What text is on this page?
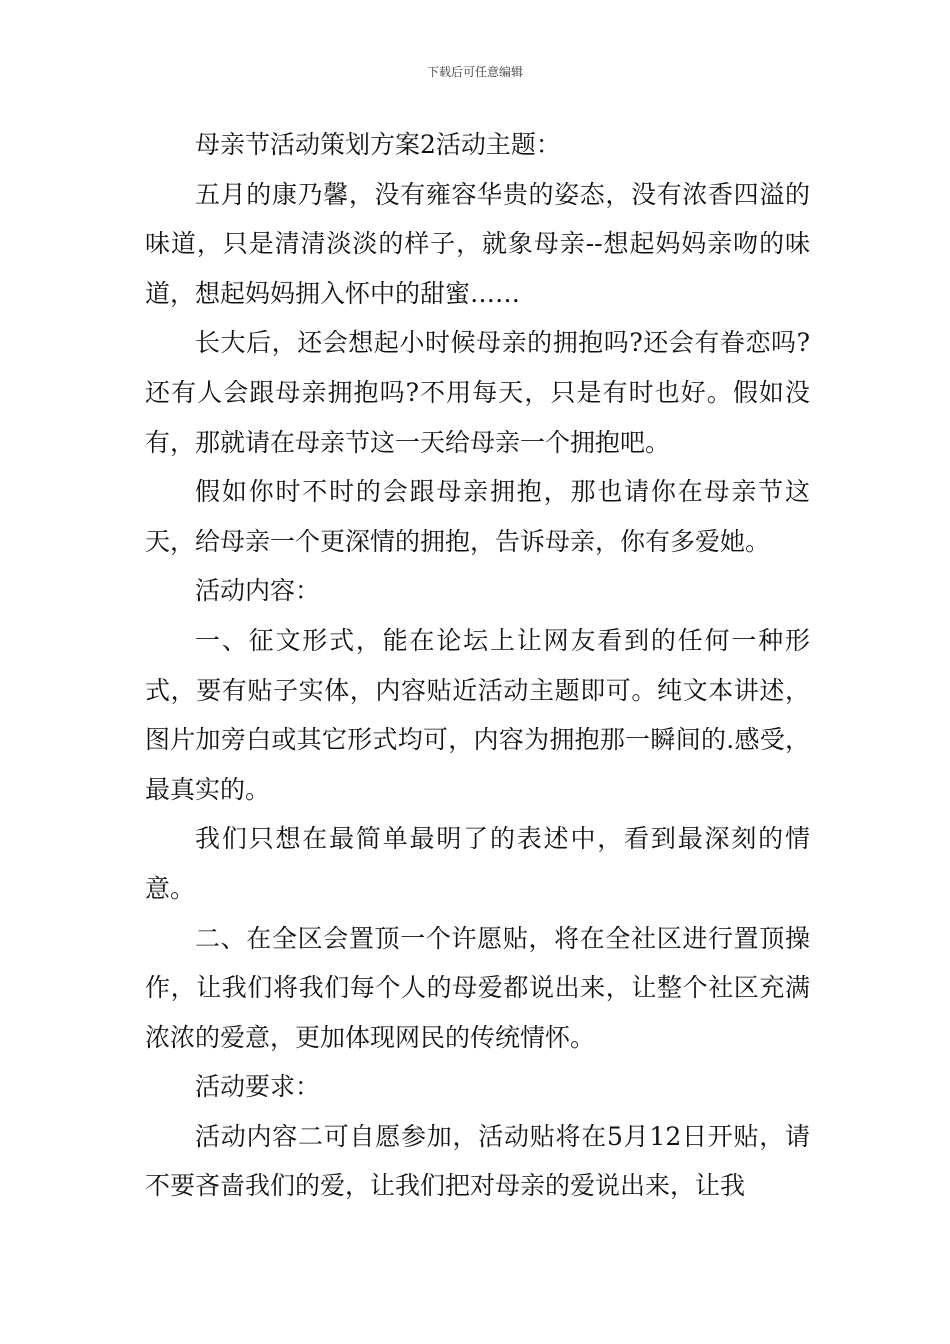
下载后可任意编辑

母亲节活动策划方案2活动主题：

五月的康乃馨，没有雍容华贵的姿态，没有浓香四溢的味道，只是清清淡淡的样子，就象母亲--想起妈妈亲吻的味道，想起妈妈拥入怀中的甜蜜……

长大后，还会想起小时候母亲的拥抱吗?还会有眷恋吗?还有人会跟母亲拥抱吗?不用每天，只是有时也好。假如没有，那就请在母亲节这一天给母亲一个拥抱吧。

假如你时不时的会跟母亲拥抱，那也请你在母亲节这天，给母亲一个更深情的拥抱，告诉母亲，你有多爱她。

活动内容：

一、征文形式，能在论坛上让网友看到的任何一种形式，要有贴子实体，内容贴近活动主题即可。纯文本讲述，图片加旁白或其它形式均可，内容为拥抱那一瞬间的.感受，最真实的。

我们只想在最简单最明了的表述中，看到最深刻的情意。

二、在全区会置顶一个许愿贴，将在全社区进行置顶操作，让我们将我们每个人的母爱都说出来，让整个社区充满浓浓的爱意，更加体现网民的传统情怀。

活动要求：

活动内容二可自愿参加，活动贴将在5月12日开贴，请不要吝啬我们的爱，让我们把对母亲的爱说出来，让我
